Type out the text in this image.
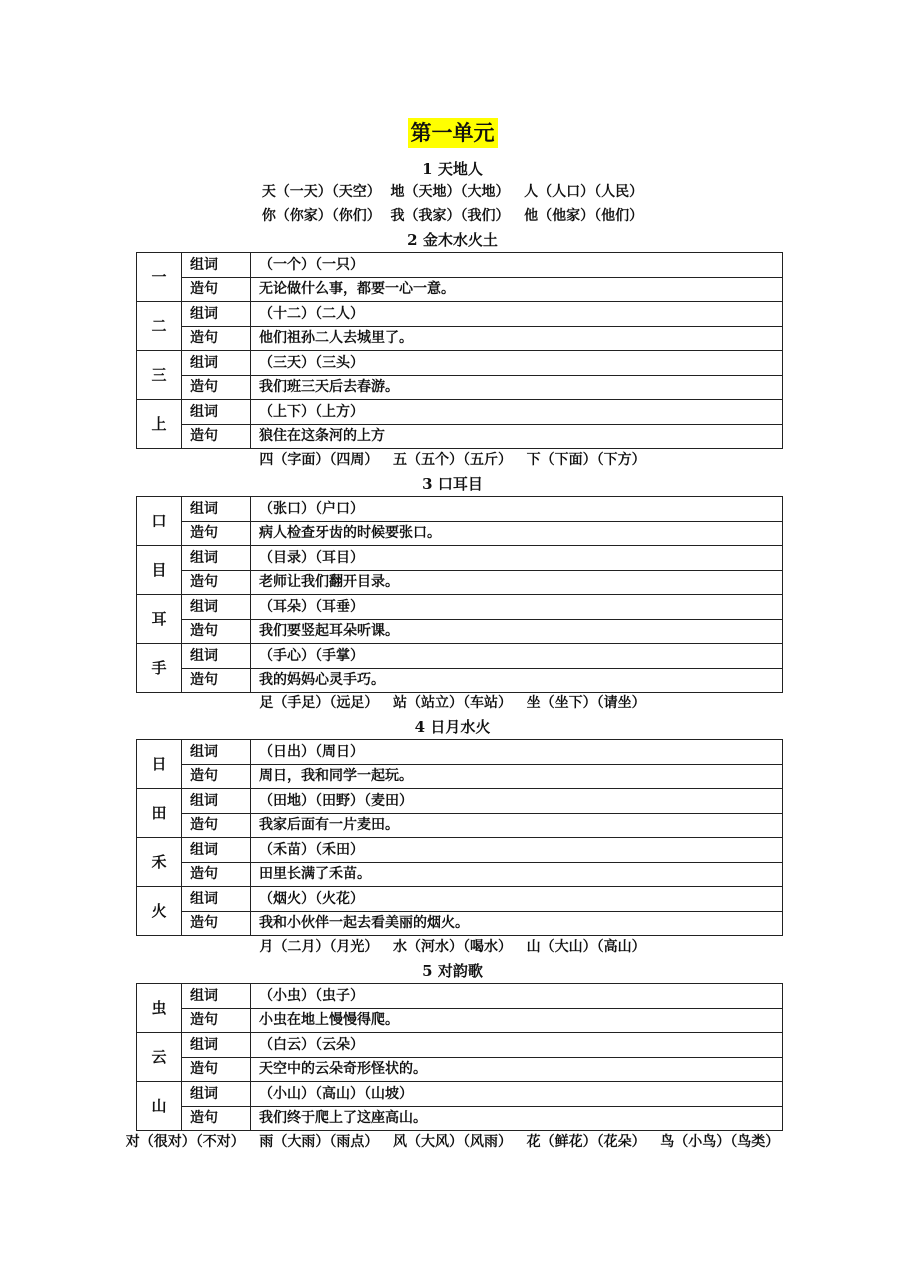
第一单元
1 天地人
天（一天）（天空）  地（天地）（大地）   人（人口）（人民）
你（你家）（你们）  我（我家）（我们）   他（他家）（他们）
2 金木水火土
一	组词	（一个）（一只）
	造句	无论做什么事，都要一心一意。
二	组词	（十二）（二人）
	造句	他们祖孙二人去城里了。
三	组词	（三天）（三头）
	造句	我们班三天后去春游。
上	组词	（上下）（上方）
	造句	狼住在这条河的上方
四（字面）（四周）   五（五个）（五斤）   下（下面）（下方）
3 口耳目
口	组词	（张口）（户口）
	造句	病人检查牙齿的时候要张口。
目	组词	（目录）（耳目）
	造句	老师让我们翻开目录。
耳	组词	（耳朵）（耳垂）
	造句	我们要竖起耳朵听课。
手	组词	（手心）（手掌）
	造句	我的妈妈心灵手巧。
足（手足）（远足）   站（站立）（车站）   坐（坐下）（请坐）
4 日月水火
日	组词	（日出）（周日）
	造句	周日，我和同学一起玩。
田	组词	（田地）（田野）（麦田）
	造句	我家后面有一片麦田。
禾	组词	（禾苗）（禾田）
	造句	田里长满了禾苗。
火	组词	（烟火）（火花）
	造句	我和小伙伴一起去看美丽的烟火。
月（二月）（月光）   水（河水）（喝水）   山（大山）（高山）
5 对韵歌
虫	组词	（小虫）（虫子）
	造句	小虫在地上慢慢得爬。
云	组词	（白云）（云朵）
	造句	天空中的云朵奇形怪状的。
山	组词	（小山）（高山）（山坡）
	造句	我们终于爬上了这座高山。
对（很对）（不对）   雨（大雨）（雨点）   风（大风）（风雨）   花（鲜花）（花朵）   鸟（小鸟）（鸟类）
